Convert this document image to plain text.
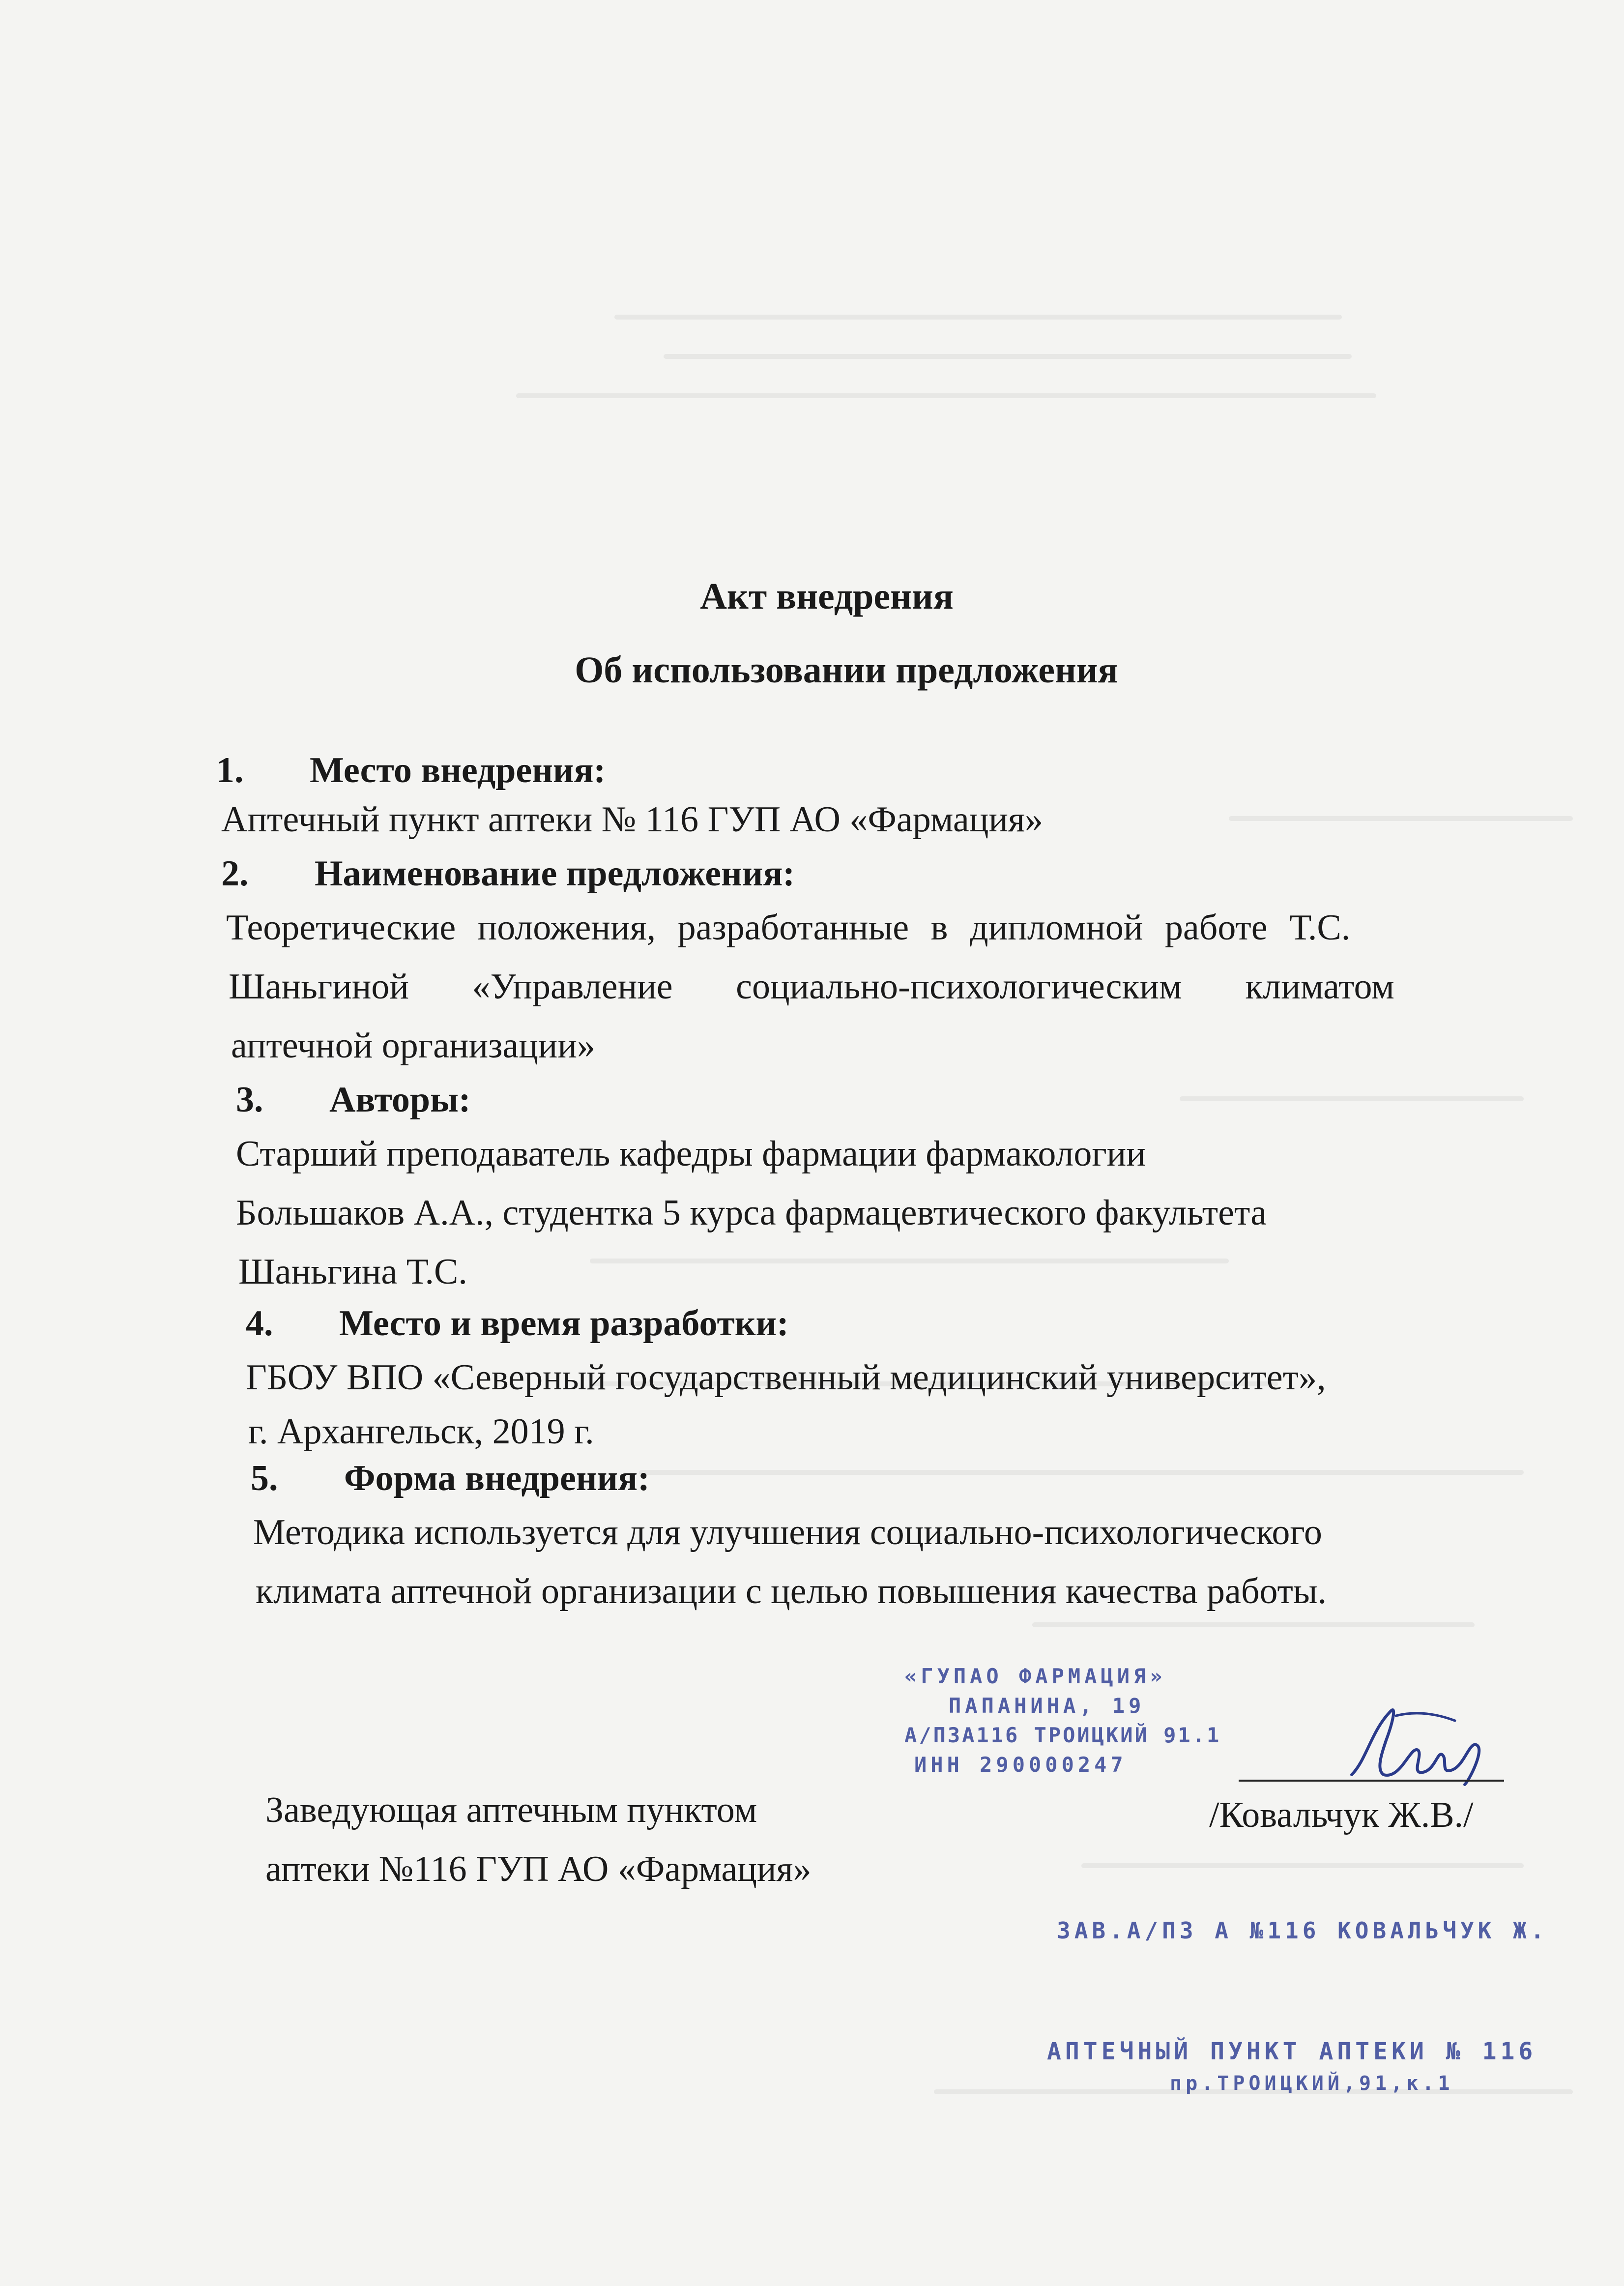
Акт внедрения
Об использовании предложения
1. Место внедрения:
Аптечный пункт аптеки № 116 ГУП АО «Фармация»
2. Наименование предложения:
Теоретические положения, разработанные в дипломной работе Т.С.
Шаньгиной «Управление социально-психологическим климатом
аптечной организации»
3. Авторы:
Старший преподаватель кафедры фармации фармакологии
Большаков А.А., студентка 5 курса фармацевтического факультета
Шаньгина Т.С.
4. Место и время разработки:
ГБОУ ВПО «Северный государственный медицинский университет»,
г. Архангельск, 2019 г.
5. Форма внедрения:
Методика используется для улучшения социально-психологического
климата аптечной организации с целью повышения качества работы.
«ГУПАО ФАРМАЦИЯ»
ПАПАНИНА, 19
А/ПЗА116 ТРОИЦКИЙ 91.1
ИНН 290000247
Заведующая аптечным пунктом
аптеки №116 ГУП АО «Фармация»
/Ковальчук Ж.В./
ЗАВ.А/ПЗ А №116 КОВАЛЬЧУК Ж.
АПТЕЧНЫЙ ПУНКТ АПТЕКИ № 116
пр.ТРОИЦКИЙ,91,к.1
